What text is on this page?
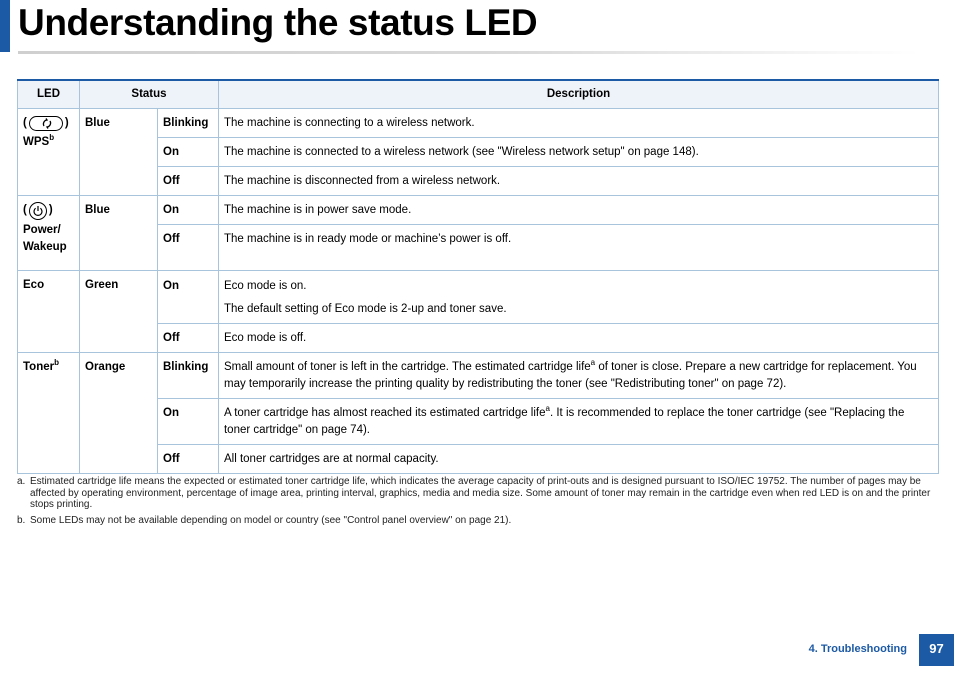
Understanding the status LED
LED	Status		Description

( )
WPS$^b$	Blue	Blinking	The machine is connecting to a wireless network.
		On	The machine is connected to a wireless network (see "Wireless network setup" on page 148).
		Off	The machine is disconnected from a wireless network.

( )
Power/
Wakeup	Blue	On	The machine is in power save mode.
		Off	The machine is in ready mode or machine’s power is off.
Eco	Green	On	Eco mode is on.
The default setting of Eco mode is 2-up and toner save.

		Off	Eco mode is off.
Toner$^b$	Orange	Blinking	Small amount of toner is left in the cartridge. The estimated cartridge life$^a$ of toner is close. Prepare a new cartridge for replacement. You may temporarily increase the printing quality by redistributing the toner (see "Redistributing toner" on page 72).
		On	A toner cartridge has almost reached its estimated cartridge life$^a$. It is recommended to replace the toner cartridge (see "Replacing the toner cartridge" on page 74).
		Off	All toner cartridges are at normal capacity.
a. Estimated cartridge life means the expected or estimated toner cartridge life, which indicates the average capacity of print-outs and is designed pursuant to ISO/IEC 19752. The number of pages may be affected by operating environment, percentage of image area, printing interval, graphics, media and media size. Some amount of toner may remain in the cartridge even when red LED is on and the printer stops printing.
b. Some LEDs may not be available depending on model or country (see "Control panel overview" on page 21).
4. Troubleshooting	97
